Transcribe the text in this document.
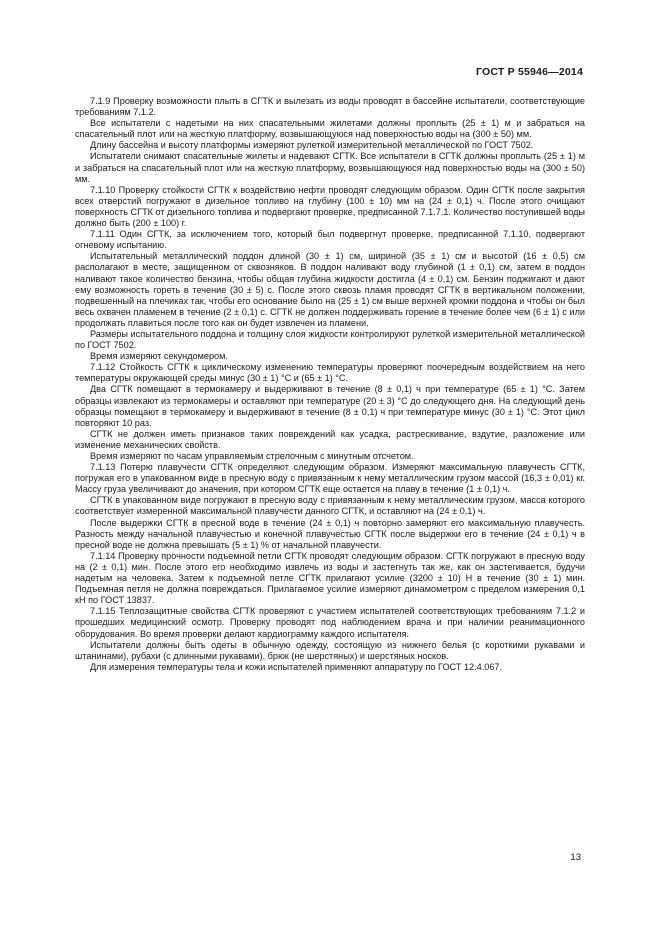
ГОСТ Р 55946—2014

7.1.9 Проверку возможности плыть в СГТК и вылезать из воды проводят в бассейне испытатели, соответствующие требованиям 7.1.2.

Все испытатели с надетыми на них спасательными жилетами должны проплыть (25 ± 1) м и забраться на спасательный плот или на жесткую платформу, возвышающуюся над поверхностью воды на (300 ± 50) мм.

Длину бассейна и высоту платформы измеряют рулеткой измерительной металлической по ГОСТ 7502.

Испытатели снимают спасательные жилеты и надевают СГТК. Все испытатели в СГТК должны проплыть (25 ± 1) м и забраться на спасательный плот или на жесткую платформу, возвышающуюся над поверхностью воды на (300 ± 50) мм.

7.1.10 Проверку стойкости СГТК к воздействию нефти проводят следующим образом. Один СГТК после закрытия всех отверстий погружают в дизельное топливо на глубину (100 ± 10) мм на (24 ± 0,1) ч. После этого очищают поверхность СГТК от дизельного топлива и подвергают проверке, предписанной 7.1.7.1. Количество поступившей воды должно быть (200 ± 100) г.

7.1.11 Один СГТК, за исключением того, который был подвергнут проверке, предписанной 7.1.10, подвергают огневому испытанию.

Испытательный металлический поддон длиной (30 ± 1) см, шириной (35 ± 1) см и высотой (16 ± 0,5) см располагают в месте, защищенном от сквозняков. В поддон наливают воду глубиной (1 ± 0,1) см, затем в поддон наливают такое количество бензина, чтобы общая глубина жидкости достигла (4 ± 0,1) см. Бензин поджигают и дают ему возможность гореть в течение (30 ± 5) с. После этого сквозь пламя проводят СГТК в вертикальном положении, подвешенный на плечиках так, чтобы его основание было на (25 ± 1) см выше верхней кромки поддона и чтобы он был весь охвачен пламенем в течение (2 ± 0,1) с. СГТК не должен поддерживать горение в течение более чем (6 ± 1) с или продолжать плавиться после того как он будет извлечен из пламени.

Размеры испытательного поддона и толщину слоя жидкости контролируют рулеткой измерительной металлической по ГОСТ 7502.

Время измеряют секундомером.

7.1.12 Стойкость СГТК к циклическому изменению температуры проверяют поочередным воздействием на него температуры окружающей среды минус (30 ± 1) °C и (65 ± 1) °C.

Два СГТК помещают в термокамеру и выдерживают в течение (8 ± 0,1) ч при температуре (65 ± 1) °C. Затем образцы извлекают из термокамеры и оставляют при температуре (20 ± 3) °C до следующего дня. На следующий день образцы помещают в термокамеру и выдерживают в течение (8 ± 0,1) ч при температуре минус (30 ± 1) °C. Этот цикл повторяют 10 раз.

СГТК не должен иметь признаков таких повреждений как усадка, растрескивание, вздутие, разложение или изменение механических свойств.

Время измеряют по часам управляемым стрелочным с минутным отсчетом.

7.1.13 Потерю плавучести СГТК определяют следующим образом. Измеряют максимальную плавучесть СГТК, погружая его в упакованном виде в пресную воду с привязанным к нему металлическим грузом массой (16,3 ± 0,01) кг. Массу груза увеличивают до значения, при котором СГТК еще остается на плаву в течение (1 ± 0,1) ч.

СГТК в упакованном виде погружают в пресную воду с привязанным к нему металлическим грузом, масса которого соответствует измеренной максимальной плавучести данного СГТК, и оставляют на (24 ± 0,1) ч.

После выдержки СГТК в пресной воде в течение (24 ± 0,1) ч повторно замеряют его максимальную плавучесть. Разность между начальной плавучестью и конечной плавучестью СГТК после выдержки его в течение (24 ± 0,1) ч в пресной воде не должна превышать (5 ± 1) % от начальной плавучести.

7.1.14 Проверку прочности подъемной петли СГТК проводят следующим образом. СГТК погружают в пресную воду на (2 ± 0,1) мин. После этого его необходимо извлечь из воды и застегнуть так же, как он застегивается, будучи надетым на человека. Затем к подъемной петле СГТК прилагают усилие (3200 ± 10) Н в течение (30 ± 1) мин. Подъемная петля не должна повреждаться. Прилагаемое усилие измеряют динамометром с пределом измерения 0,1 кН по ГОСТ 13837.

7.1.15 Теплозащитные свойства СГТК проверяют с участием испытателей соответствующих требованиям 7.1.2 и прошедших медицинский осмотр. Проверку проводят под наблюдением врача и при наличии реанимационного оборудования. Во время проверки делают кардиограмму каждого испытателя.

Испытатели должны быть одеты в обычную одежду, состоящую из нижнего белья (с короткими рукавами и штанинами), рубахи (с длинными рукавами), брюк (не шерстяных) и шерстяных носков.

Для измерения температуры тела и кожи испытателей применяют аппаратуру по ГОСТ 12.4.067.

13
